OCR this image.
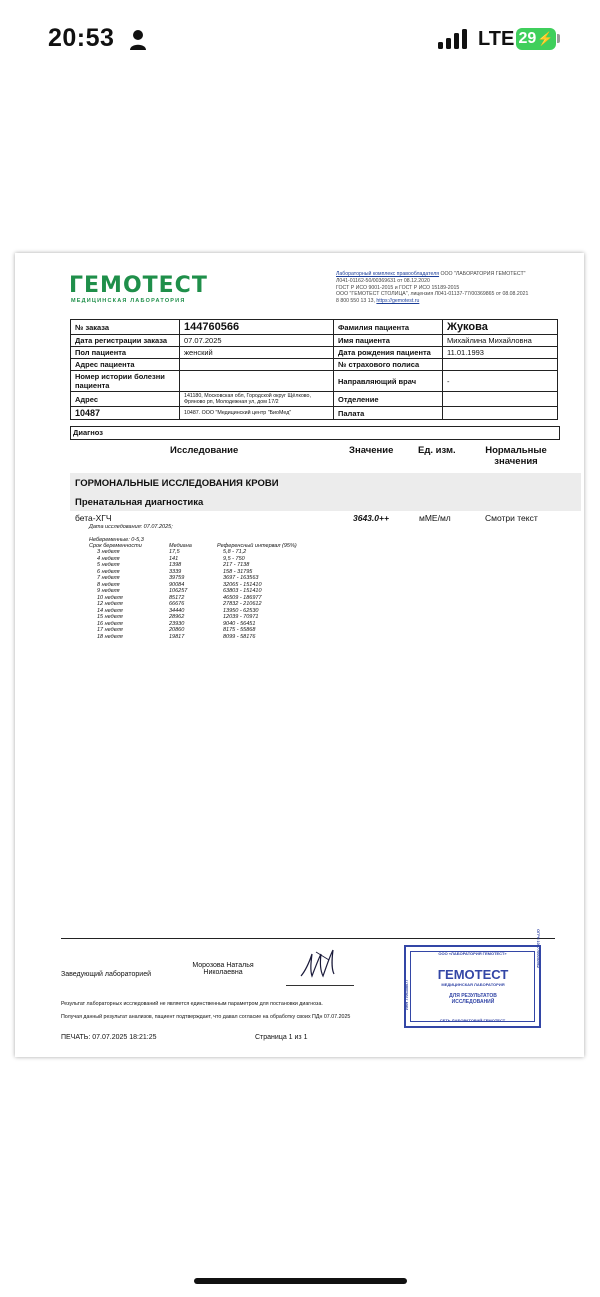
20:53	LTE 29 ⚡
ГЕМОТЕСТ
МЕДИЦИНСКАЯ ЛАБОРАТОРИЯ
Лабораторный комплекс правообладателя ООО "ЛАБОРАТОРИЯ ГЕМОТЕСТ"
Л041-01162-50/00369631 от 08.12.2020
ГОСТ Р ИСО 9001-2015 и ГОСТ Р ИСО 15189-2015
ООО "ГЕМОТЕСТ СТОЛИЦА", лицензия Л041-01137-77/00369865 от 08.08.2021
8 800 550 13 13, https://gemotest.ru
№ заказа	144760566	Фамилия пациента	Жукова
Дата регистрации заказа	07.07.2025	Имя пациента	Михайлина Михайловна
Пол пациента	женский	Дата рождения пациента	11.01.1993
Адрес пациента		№ страхового полиса	
Номер истории болезни пациента		Направляющий врач	-
Адрес	141180, Московская обл, Городской округ Щёлково, Фряново рп, Молодежная ул, дом 17/2	Отделение	
10487	10487. ООО "Медицинский центр "БиоМед"	Палата	
Диагноз
Исследование	Значение	Ед. изм.	Нормальные
значения
ГОРМОНАЛЬНЫЕ ИССЛЕДОВАНИЯ КРОВИ
Пренатальная диагностика
бета-ХГЧ	3643.0++	мМЕ/мл	Смотри текст
Дата исследования: 07.07.2025;
Небеременные: 0-5,3
Срок беременности	Медиана	Референсный интервал (95%)
3 неделя	17,5	5,8 - 71,2
4 неделя	141	9,5 - 750
5 неделя	1398	217 - 7138
6 неделя	3339	158 - 31795
7 неделя	39759	3697 - 163563
8 неделя	90084	32065 - 151410
9 неделя	106257	63803 - 151410
10 неделя	85172	46509 - 186977
12 неделя	66676	27832 - 210612
14 неделя	34440	13950 - 62530
15 неделя	28962	12039 - 70971
16 неделя	23930	9040 - 56451
17 неделя	20860	8175 - 55868
18 неделя	19817	8099 - 58176
Заведующий лабораторией
Морозова Наталья
Николаевна
ООО «ЛАБОРАТОРИЯ ГЕМОТЕСТ»
ГЕМОТЕСТ
МЕДИЦИНСКАЯ ЛАБОРАТОРИЯ
ДЛЯ РЕЗУЛЬТАТОВ
ИССЛЕДОВАНИЙ
СЕТЬ ЛАБОРАТОРИЙ ГЕМОТЕСТ
ИНН 7706358077
ОГРН 1027700050962
Результат лабораторных исследований не является единственным параметром для постановки диагноза.
Получая данный результат анализов, пациент подтверждает, что давал согласие на обработку своих ПДн 07.07.2025
ПЕЧАТЬ: 07.07.2025 18:21:25	Страница 1 из 1
